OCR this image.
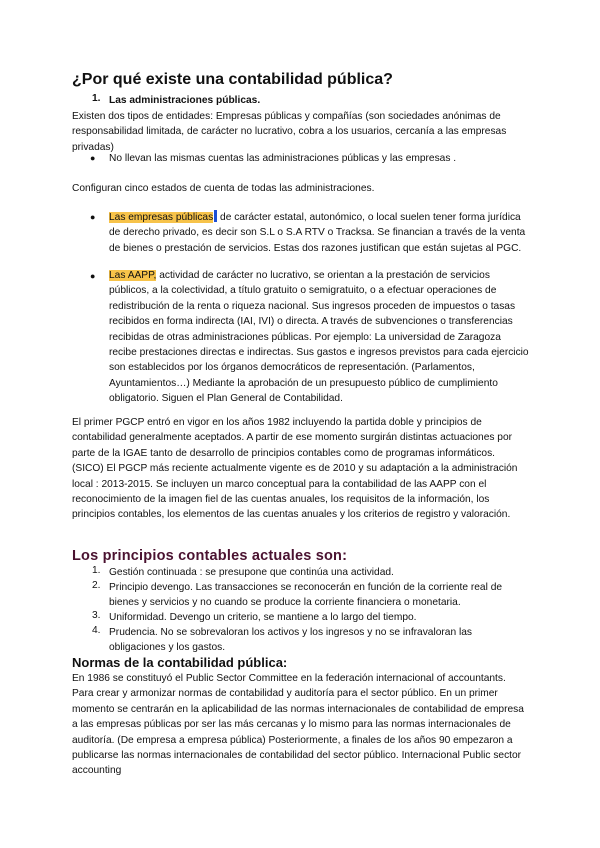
¿Por qué existe una contabilidad pública?
1. Las administraciones públicas.

Existen dos tipos de entidades: Empresas públicas y compañías (son sociedades anónimas de responsabilidad limitada, de carácter no lucrativo, cobra a los usuarios, cercanía a las empresas privadas)

● No llevan las mismas cuentas las administraciones públicas y las empresas .

Configuran cinco estados de cuenta de todas las administraciones.

● Las empresas públicas de carácter estatal, autonómico, o local suelen tener forma jurídica de derecho privado, es decir son S.L o S.A RTV o Tracksa. Se financian a través de la venta de bienes o prestación de servicios. Estas dos razones justifican que están sujetas al PGC.

● Las AAPP, actividad de carácter no lucrativo, se orientan a la prestación de servicios públicos, a la colectividad, a título gratuito o semigratuito, o a efectuar operaciones de redistribución de la renta o riqueza nacional. Sus ingresos proceden de impuestos o tasas recibidos en forma indirecta (IAI, IVI) o directa. A través de subvenciones o transferencias recibidas de otras administraciones públicas. Por ejemplo: La universidad de Zaragoza recibe prestaciones directas e indirectas. Sus gastos e ingresos previstos para cada ejercicio son establecidos por los órganos democráticos de representación. (Parlamentos, Ayuntamientos…) Mediante la aprobación de un presupuesto público de cumplimiento obligatorio. Siguen el Plan General de Contabilidad.

El primer PGCP entró en vigor en los años 1982 incluyendo la partida doble y principios de contabilidad generalmente aceptados. A partir de ese momento surgirán distintas actuaciones por parte de la IGAE tanto de desarrollo de principios contables como de programas informáticos. (SICO) El PGCP más reciente actualmente vigente es de 2010 y su adaptación a la administración local : 2013-2015. Se incluyen un marco conceptual para la contabilidad de las AAPP con el reconocimiento de la imagen fiel de las cuentas anuales, los requisitos de la información, los principios contables, los elementos de las cuentas anuales y los criterios de registro y valoración.

Los principios contables actuales son:
1. Gestión continuada : se presupone que continúa una actividad.

2. Principio devengo. Las transacciones se reconocerán en función de la corriente real de bienes y servicios y no cuando se produce la corriente financiera o monetaria.

3. Uniformidad. Devengo un criterio, se mantiene a lo largo del tiempo.

4. Prudencia. No se sobrevaloran los activos y los ingresos y no se infravaloran las obligaciones y los gastos.

Normas de la contabilidad pública:

En 1986 se constituyó el Public Sector Committee en la federación internacional of accountants. Para crear y armonizar normas de contabilidad y auditoría para el sector público. En un primer momento se centrarán en la aplicabilidad de las normas internacionales de contabilidad de empresa a las empresas públicas por ser las más cercanas y lo mismo para las normas internacionales de auditoría. (De empresa a empresa pública) Posteriormente, a finales de los años 90 empezaron a publicarse las normas internacionales de contabilidad del sector público. Internacional Public sector accounting
